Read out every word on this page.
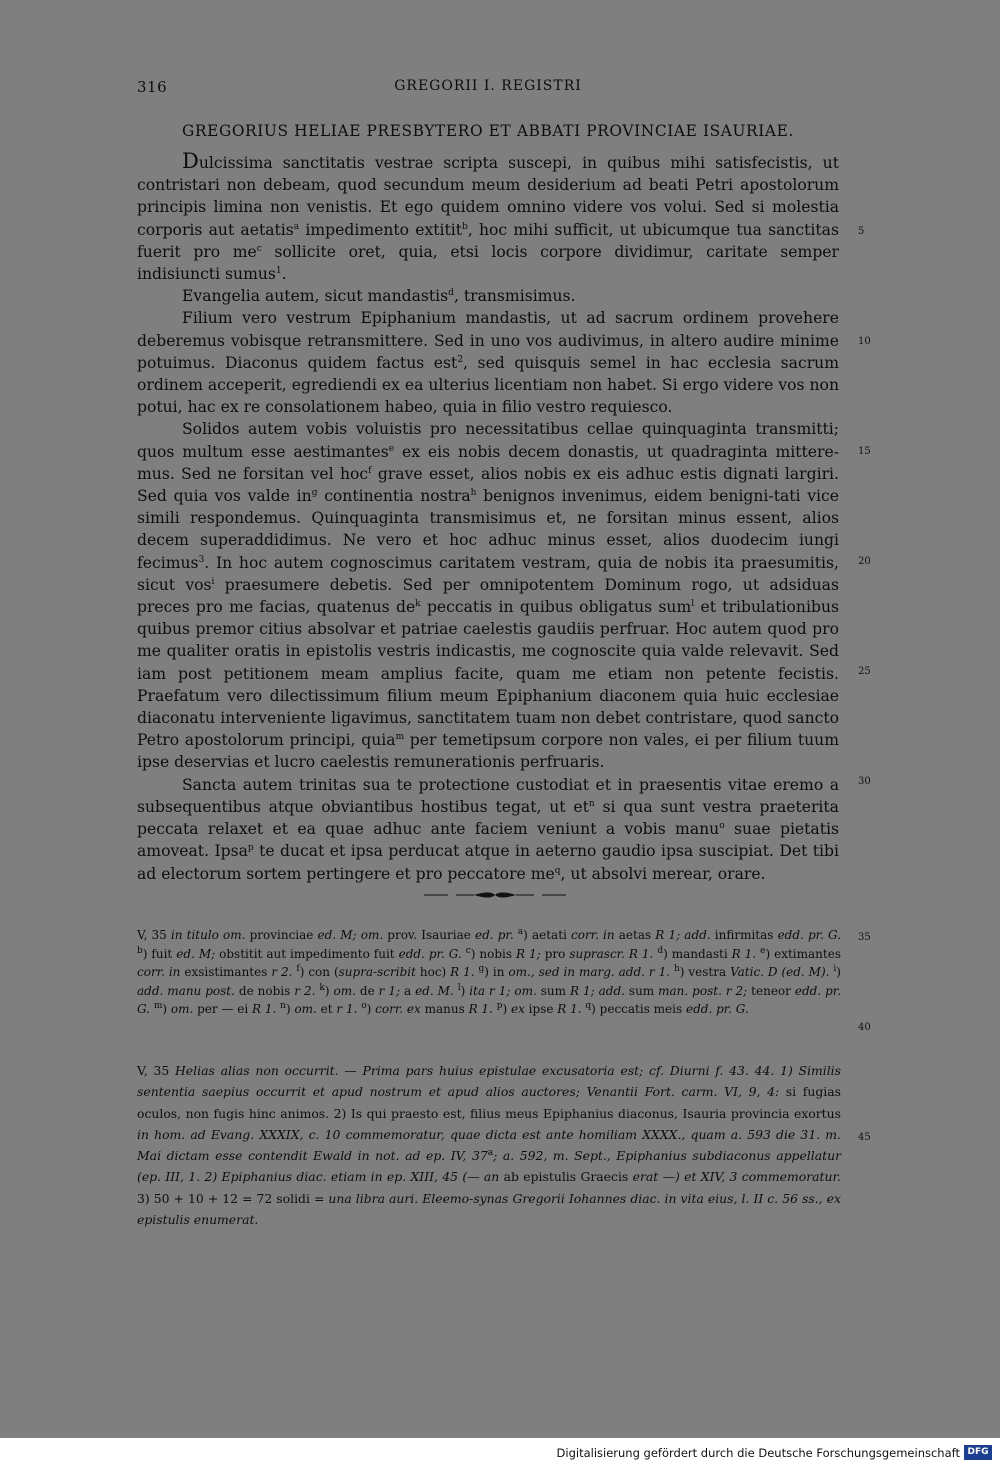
316	GREGORII I. REGISTRI
GREGORIUS HELIAE PRESBYTERO ET ABBATI PROVINCIAE ISAURIAE.

Dulcissima sanctitatis vestrae scripta suscepi, in quibus mihi satisfecistis, ut contristari non debeam, quod secundum meum desiderium ad beati Petri apostolorum principis limina non venistis. Et ego quidem omnino videre vos volui. Sed si molestia corporis aut aetatis$^a$ impedimento extitit$^b$, hoc mihi sufficit, ut ubicumque tua sanctitas fuerit pro $me^c$ sollicite oret, quia, etsi locis corpore dividimur, caritate semper indisiuncti sumus$^1$.

Evangelia autem, sicut mandastis$^d$, transmisimus.

Filium vero vestrum Epiphanium mandastis, ut ad sacrum ordinem provehere deberemus vobisque retransmittere. Sed in uno vos audivimus, in altero audire minime potuimus. Diaconus quidem factus est$^2$, sed quisquis semel in hac ecclesia sacrum ordinem acceperit, egrediendi ex ea ulterius licentiam non habet. Si ergo videre vos non potui, hac ex re consolationem habeo, quia in filio vestro requiesco.

Solidos autem vobis voluistis pro necessitatibus cellae quinquaginta transmitti; quos multum esse aestimantes$^e$ ex eis nobis decem donastis, ut quadraginta mittere-mus. Sed ne forsitan vel hoc$^f$ grave esset, alios nobis ex eis adhuc estis dignati largiri. Sed quia vos valde $in^g$ continentia nostra$^h$ benignos invenimus, eidem benigni-tati vice simili respondemus. Quinquaginta transmisimus et, ne forsitan minus essent, alios decem superaddidimus. Ne vero et hoc adhuc minus esset, alios duodecim iungi fecimus$^3$. In hoc autem cognoscimus caritatem vestram, quia de nobis ita praesumitis, sicut vos$^i$ praesumere debetis. Sed per omnipotentem Dominum rogo, ut adsiduas preces pro me facias, quatenus $de^k$ peccatis in quibus obligatus sum$^l$ et tribulationibus quibus premor citius absolvar et patriae caelestis gaudiis perfruar. Hoc autem quod pro me qualiter oratis in epistolis vestris indicastis, me cognoscite quia valde relevavit. Sed iam post petitionem meam amplius facite, quam me etiam non petente fecistis. Praefatum vero dilectissimum filium meum Epiphanium diaconem quia huic ecclesiae diaconatu interveniente ligavimus, sanctitatem tuam non debet contristare, quod sancto Petro apostolorum principi, quia$^m$ per temetipsum corpore non vales, ei per filium tuum ipse deservias et lucro caelestis remunerationis perfruaris.

Sancta autem trinitas sua te protectione custodiat et in praesentis vitae eremo a subsequentibus atque obviantibus hostibus tegat, ut $et^n$ si qua sunt vestra praeterita peccata relaxet et ea quae adhuc ante faciem veniunt a vobis manu$^o$ suae pietatis amoveat. Ipsa$^p$ te ducat et ipsa perducat atque in aeterno gaudio ipsa suscipiat. Det tibi ad electorum sortem pertingere et pro peccatore $me^q$, ut absolvi merear, orare.

5
10
15
20
25
30
35
40
45

V, 35 in titulo om. provinciae ed. M; om. prov. Isauriae ed. pr. $^a$) aetati corr. in aetas R 1; add. infirmitas edd. pr. G. $^b$) fuit ed. M; obstitit aut impedimento fuit edd. pr. G. $^c$) nobis R 1; pro suprascr. R 1. $^d$) mandasti R 1. $^e$) extimantes corr. in exsistimantes r 2. $^f$) con (supra-scribit hoc) R 1. $^g$) in om., sed in marg. add. r 1. $^h$) vestra Vatic. D (ed. M). $^i$) add. manu post. de nobis r 2. $^k$) om. de r 1; a ed. M. $^l$) ita r 1; om. sum R 1; add. sum man. post. r 2; teneor edd. pr. G. $^m$) om. per — ei R 1. $^n$) om. et r 1. $^o$) corr. ex manus R 1. $^p$) ex ipse R 1. $^q$) peccatis meis edd. pr. G.

V, 35 Helias alias non occurrit. — Prima pars huius epistulae excusatoria est; cf. Diurni f. 43. 44. 1) Similis sententia saepius occurrit et apud nostrum et apud alios auctores; Venantii Fort. carm. VI, 9, 4: si fugias oculos, non fugis hinc animos. 2) Is qui praesto est, filius meus Epiphanius diaconus, Isauria provincia exortus in hom. ad Evang. XXXIX, c. 10 commemoratur, quae dicta est ante homiliam XXXX., quam a. 593 die 31. m. Mai dictam esse contendit Ewald in not. ad ep. IV, 37$^a$; a. 592, m. Sept., Epiphanius subdiaconus appellatur (ep. III, 1. 2) Epiphanius diac. etiam in ep. XIII, 45 (— an ab epistulis Graecis erat —) et XIV, 3 commemoratur. 3) 50 + 10 + 12 = 72 solidi = una libra auri. Eleemo-synas Gregorii Iohannes diac. in vita eius, l. II c. 56 ss., ex epistulis enumerat.

Digitalisierung gefördert durch die Deutsche Forschungsgemeinschaft DFG
